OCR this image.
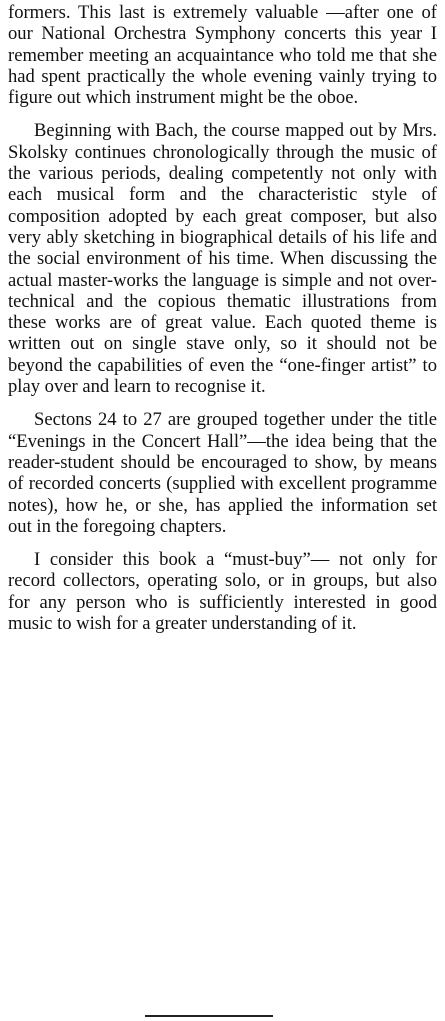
formers. This last is extremely valuable —after one of our National Orchestra Symphony concerts this year I remember meeting an acquaintance who told me that she had spent practically the whole evening vainly trying to figure out which instrument might be the oboe.

Beginning with Bach, the course mapped out by Mrs. Skolsky continues chronologically through the music of the various periods, dealing competently not only with each musical form and the characteristic style of composition adopted by each great composer, but also very ably sketching in biographical details of his life and the social environment of his time. When discussing the actual master-works the language is simple and not over-technical and the copious thematic illustrations from these works are of great value. Each quoted theme is written out on single stave only, so it should not be beyond the capabilities of even the “one-finger artist” to play over and learn to recognise it.

Sectons 24 to 27 are grouped together under the title “Evenings in the Concert Hall”—the idea being that the reader-student should be encouraged to show, by means of recorded concerts (supplied with excellent programme notes), how he, or she, has applied the information set out in the foregoing chapters.

I consider this book a “must-buy”— not only for record collectors, operating solo, or in groups, but also for any person who is sufficiently interested in good music to wish for a greater understanding of it.
